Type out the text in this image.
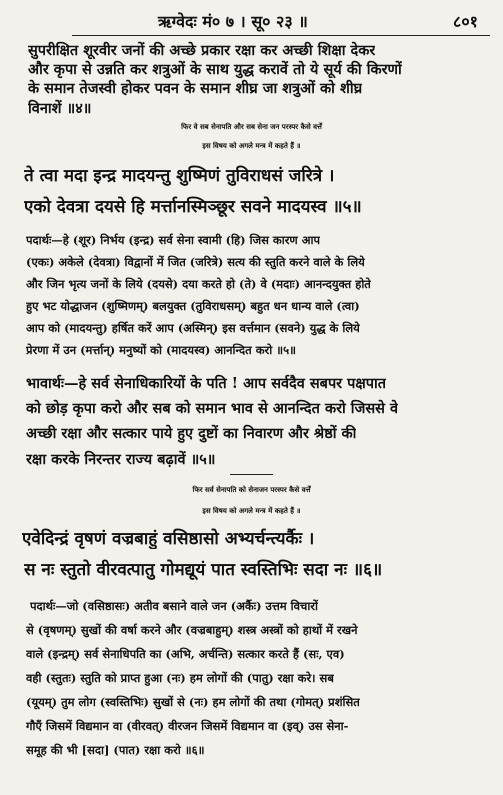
ऋग्वेदः मं० ७ । सू० २३ ॥	८०१
सुपरीक्षित शूरवीर जनों की अच्छे प्रकार रक्षा कर अच्छी शिक्षा देकर
और कृपा से उन्नति कर शत्रुओं के साथ युद्ध करावें तो ये सूर्य की किरणों
के समान तेजस्वी होकर पवन के समान शीघ्र जा शत्रुओं को शीघ्र
विनाशें ॥४॥
फिर वे सब सेनापति और सब सेना जन परस्पर कैसे वर्त्तें
इस विषय को अगले मन्त्र में कहते हैं ॥
ते त्वा मदा इन्द्र मादयन्तु शुष्मिणं तुविराधसं जरित्रे ।
एको देवत्रा दयसे हि मर्त्तानस्मिञ्छूर सवने मादयस्व ॥५॥
पदार्थः—हे (शूर) निर्भय (इन्द्र) सर्व सेना स्वामी (हि) जिस कारण आप
(एकः) अकेले (देवत्रा) विद्वानों में जित (जरित्रे) सत्य की स्तुति करने वाले के लिये
और जिन भृत्य जनों के लिये (दयसे) दया करते हो (ते) वे (मदाः) आनन्दयुक्त होते
हुए भट योद्धाजन (शुष्मिणम्) बलयुक्त (तुविराधसम्) बहुत धन धान्य वाले (त्वा)
आप को (मादयन्तु) हर्षित करें आप (अस्मिन्) इस वर्त्तमान (सवने) युद्ध के लिये
प्रेरणा में उन (मर्त्तान्) मनुष्यों को (मादयस्व) आनन्दित करो ॥५॥
भावार्थः—हे सर्व सेनाधिकारियों के पति ! आप सर्वदैव सबपर पक्षपात
को छोड़ कृपा करो और सब को समान भाव से आनन्दित करो जिससे वे
अच्छी रक्षा और सत्कार पाये हुए दुष्टों का निवारण और श्रेष्ठों की
रक्षा करके निरन्तर राज्य बढ़ावें ॥५॥
फिर सर्व सेनापति को सेनाजन परस्पर कैसे वर्त्तें
इस विषय को अगले मन्त्र में कहते हैं ॥
एवेदिन्द्रं वृषणं वज्रबाहुं वसिष्ठासो अभ्यर्चन्त्यर्कैः ।
स नः स्तुतो वीरवत्पातु गोमद्यूयं पात स्वस्तिभिः सदा नः ॥६॥
पदार्थः—जो (वसिष्ठासः) अतीव बसाने वाले जन (अर्कैः) उत्तम विचारों
से (वृषणम्) सुखों की वर्षा करने और (वज्रबाहुम्) शस्त्र अस्त्रों को हाथों में रखने
वाले (इन्द्रम्) सर्व सेनाधिपति का (अभि, अर्चन्ति) सत्कार करते हैं (सः, एव)
वही (स्तुतः) स्तुति को प्राप्त हुआ (नः) हम लोगों की (पातु) रक्षा करे। सब
(यूयम्) तुम लोग (स्वस्तिभिः) सुखों से (नः) हम लोगों की तथा (गोमत्) प्रशंसित
गौएँ जिसमें विद्यमान वा (वीरवत्) वीरजन जिसमें विद्यमान वा (इव्) उस सेना-
समूह की भी [सदा] (पात) रक्षा करो ॥६॥
